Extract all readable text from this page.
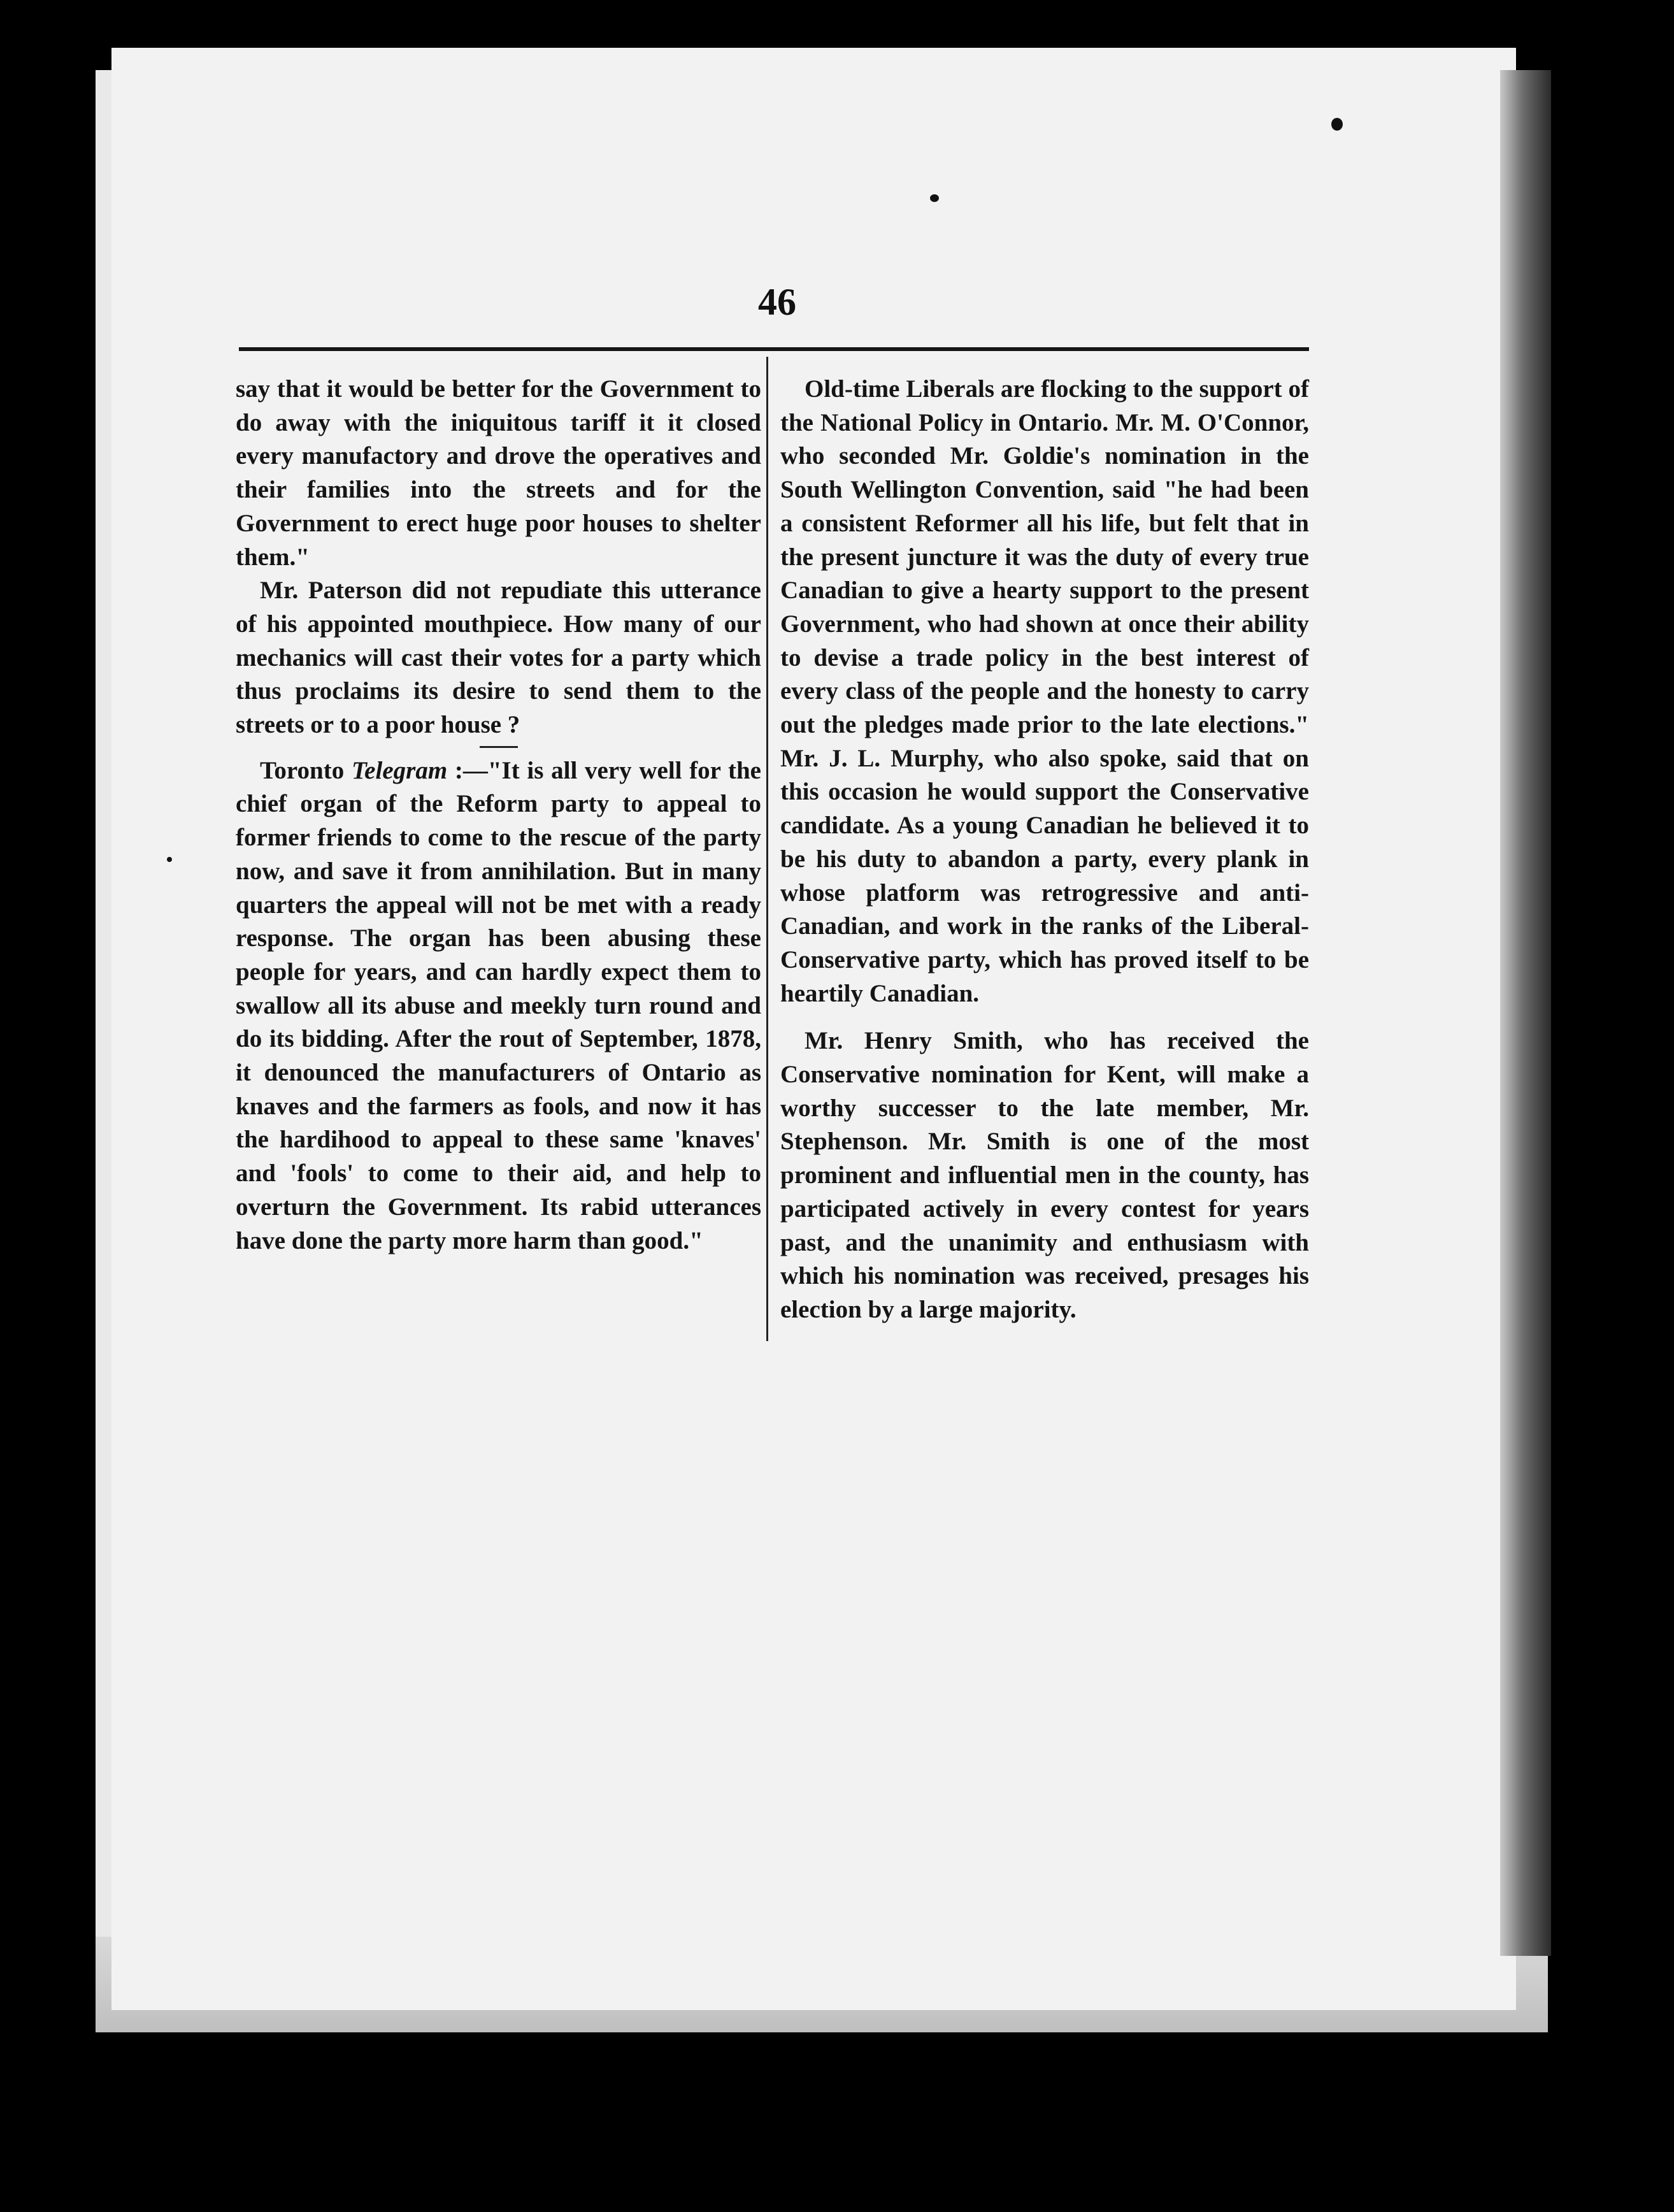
46

say that it would be better for the Government to do away with the iniquitous tariff it it closed every manufactory and drove the operatives and their families into the streets and for the Government to erect huge poor houses to shelter them."

Mr. Paterson did not repudiate this utterance of his appointed mouthpiece. How many of our mechanics will cast their votes for a party which thus proclaims its desire to send them to the streets or to a poor house ?

Toronto Telegram :—"It is all very well for the chief organ of the Reform party to appeal to former friends to come to the rescue of the party now, and save it from annihilation. But in many quarters the appeal will not be met with a ready response. The organ has been abusing these people for years, and can hardly expect them to swallow all its abuse and meekly turn round and do its bidding. After the rout of September, 1878, it denounced the manufacturers of Ontario as knaves and the farmers as fools, and now it has the hardihood to appeal to these same 'knaves' and 'fools' to come to their aid, and help to overturn the Government. Its rabid utterances have done the party more harm than good."

Old-time Liberals are flocking to the support of the National Policy in Ontario. Mr. M. O'Connor, who seconded Mr. Goldie's nomination in the South Wellington Convention, said "he had been a consistent Reformer all his life, but felt that in the present juncture it was the duty of every true Canadian to give a hearty support to the present Government, who had shown at once their ability to devise a trade policy in the best interest of every class of the people and the honesty to carry out the pledges made prior to the late elections." Mr. J. L. Murphy, who also spoke, said that on this occasion he would support the Conservative candidate. As a young Canadian he believed it to be his duty to abandon a party, every plank in whose platform was retrogressive and anti-Canadian, and work in the ranks of the Liberal-Conservative party, which has proved itself to be heartily Canadian.

Mr. Henry Smith, who has received the Conservative nomination for Kent, will make a worthy successer to the late member, Mr. Stephenson. Mr. Smith is one of the most prominent and influential men in the county, has participated actively in every contest for years past, and the unanimity and enthusiasm with which his nomination was received, presages his election by a large majority.
